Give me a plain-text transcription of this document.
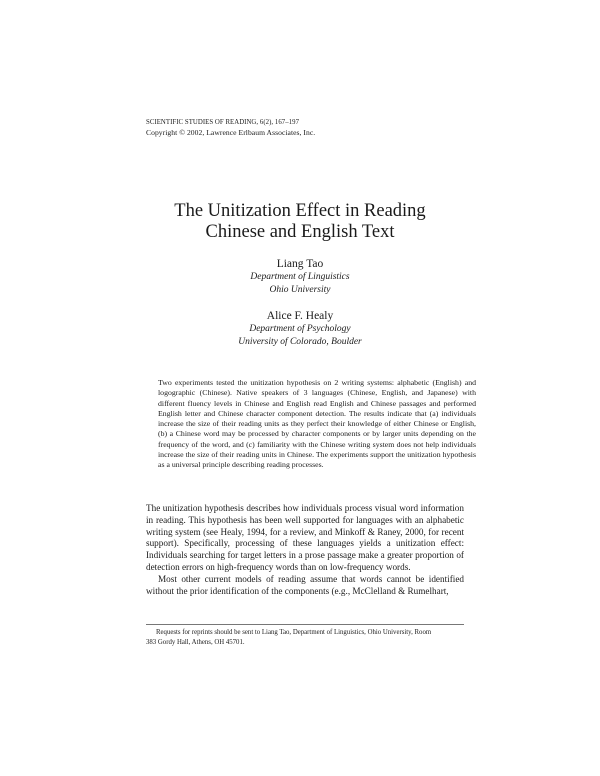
SCIENTIFIC STUDIES OF READING, 6(2), 167–197
Copyright © 2002, Lawrence Erlbaum Associates, Inc.
The Unitization Effect in Reading
Chinese and English Text
Liang Tao
Department of Linguistics
Ohio University
Alice F. Healy
Department of Psychology
University of Colorado, Boulder

Two experiments tested the unitization hypothesis on 2 writing systems: alphabetic (English) and logographic (Chinese). Native speakers of 3 languages (Chinese, English, and Japanese) with different fluency levels in Chinese and English read English and Chinese passages and performed English letter and Chinese character component detection. The results indicate that (a) individuals increase the size of their reading units as they perfect their knowledge of either Chinese or English, (b) a Chinese word may be processed by character components or by larger units depending on the frequency of the word, and (c) familiarity with the Chinese writing system does not help individuals increase the size of their reading units in Chinese. The experiments support the unitization hypothesis as a universal principle describing reading processes.

The unitization hypothesis describes how individuals process visual word information in reading. This hypothesis has been well supported for languages with an alphabetic writing system (see Healy, 1994, for a review, and Minkoff & Raney, 2000, for recent support). Specifically, processing of these languages yields a unitization effect: Individuals searching for target letters in a prose passage make a greater proportion of detection errors on high-frequency words than on low-frequency words.

Most other current models of reading assume that words cannot be identified without the prior identification of the components (e.g., McClelland & Rumelhart,

Requests for reprints should be sent to Liang Tao, Department of Linguistics, Ohio University, Room
383 Gordy Hall, Athens, OH 45701.
